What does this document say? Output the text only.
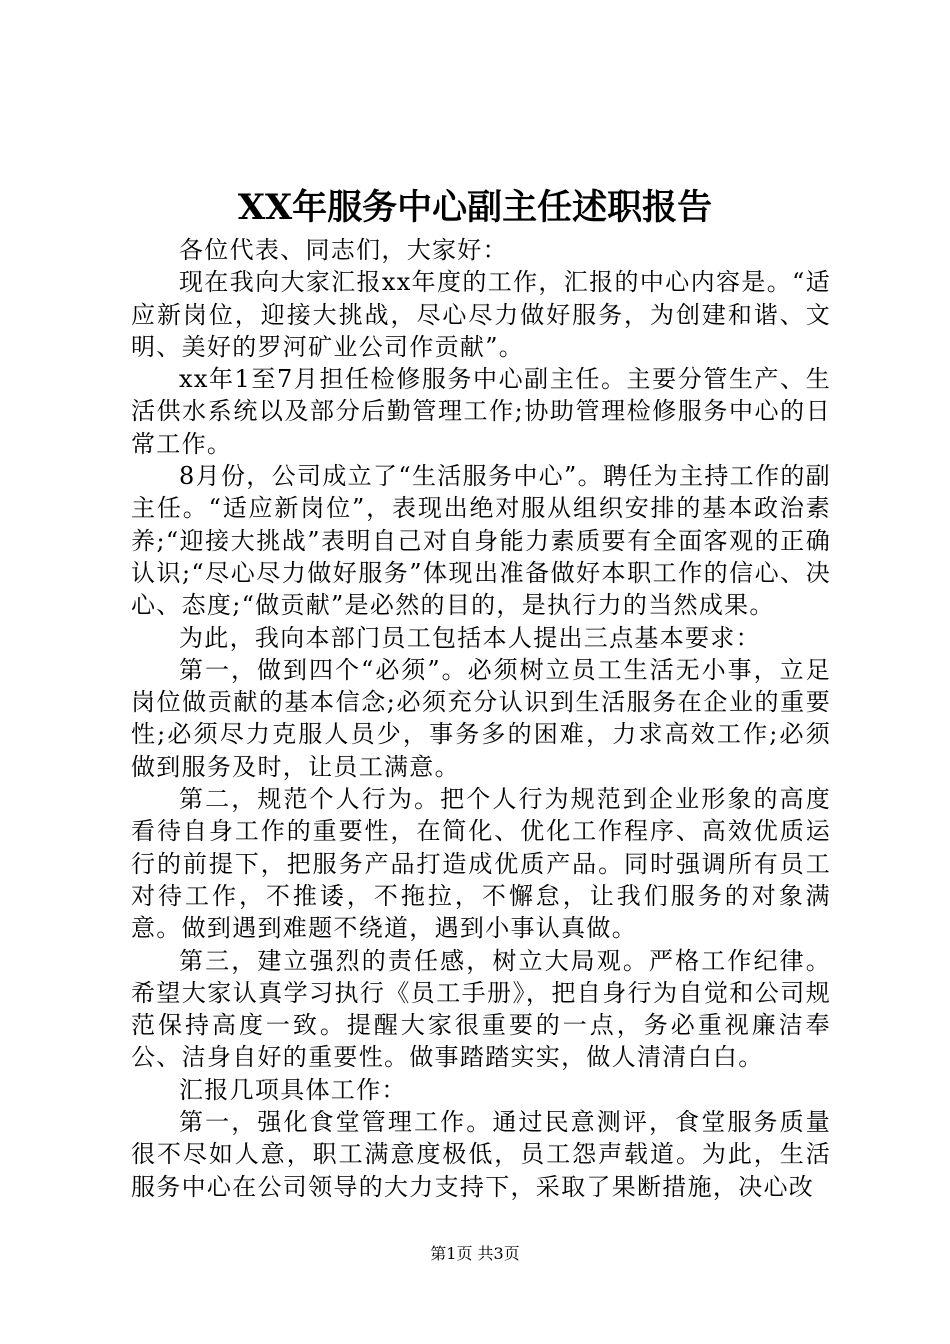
XX年服务中心副主任述职报告

各位代表、同志们，大家好：

现在我向大家汇报xx年度的工作，汇报的中心内容是。“适应新岗位，迎接大挑战，尽心尽力做好服务，为创建和谐、文明、美好的罗河矿业公司作贡献”。

xx年1至7月担任检修服务中心副主任。主要分管生产、生活供水系统以及部分后勤管理工作;协助管理检修服务中心的日常工作。

8月份，公司成立了“生活服务中心”。聘任为主持工作的副主任。“适应新岗位”，表现出绝对服从组织安排的基本政治素养;“迎接大挑战”表明自己对自身能力素质要有全面客观的正确认识;“尽心尽力做好服务”体现出准备做好本职工作的信心、决心、态度;“做贡献”是必然的目的，是执行力的当然成果。

为此，我向本部门员工包括本人提出三点基本要求：

第一，做到四个“必须”。必须树立员工生活无小事，立足岗位做贡献的基本信念;必须充分认识到生活服务在企业的重要性;必须尽力克服人员少，事务多的困难，力求高效工作;必须做到服务及时，让员工满意。

第二，规范个人行为。把个人行为规范到企业形象的高度看待自身工作的重要性，在简化、优化工作程序、高效优质运行的前提下，把服务产品打造成优质产品。同时强调所有员工对待工作，不推诿，不拖拉，不懈怠，让我们服务的对象满意。做到遇到难题不绕道，遇到小事认真做。

第三，建立强烈的责任感，树立大局观。严格工作纪律。希望大家认真学习执行《员工手册》，把自身行为自觉和公司规范保持高度一致。提醒大家很重要的一点，务必重视廉洁奉公、洁身自好的重要性。做事踏踏实实，做人清清白白。

汇报几项具体工作：

第一，强化食堂管理工作。通过民意测评，食堂服务质量很不尽如人意，职工满意度极低，员工怨声载道。为此，生活服务中心在公司领导的大力支持下，采取了果断措施，决心改

第1页 共3页
